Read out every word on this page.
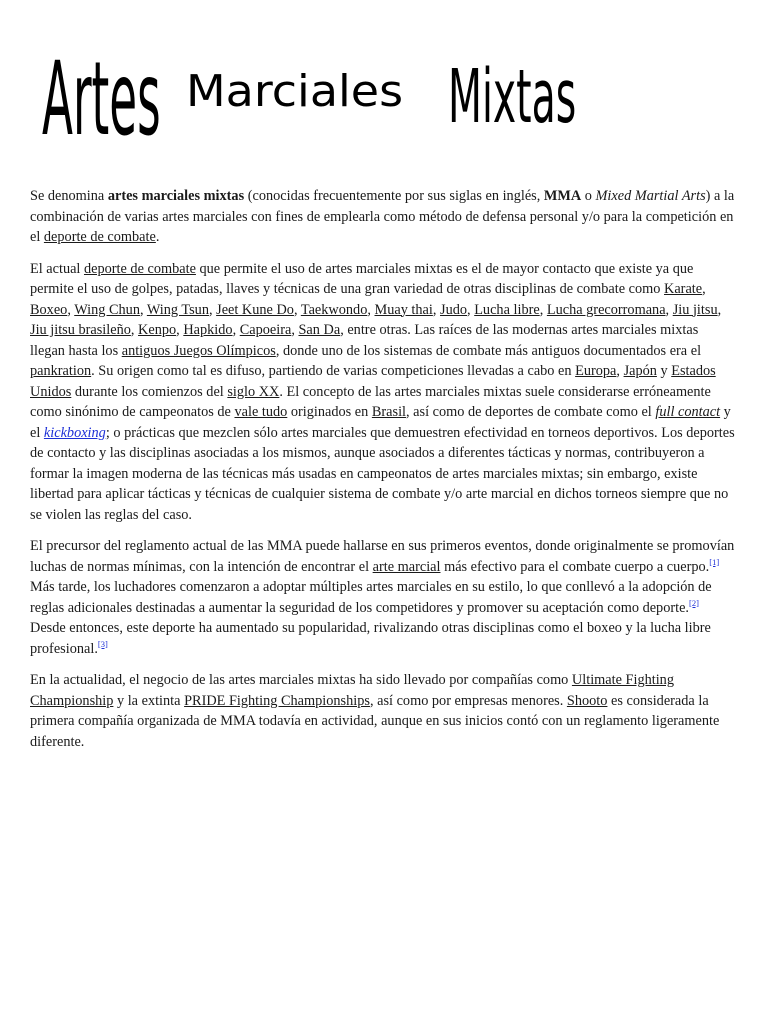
Artes Marciales Mixtas

Se denomina artes marciales mixtas (conocidas frecuentemente por sus siglas en inglés, MMA o Mixed Martial Arts) a la combinación de varias artes marciales con fines de emplearla como método de defensa personal y/o para la competición en el deporte de combate.

El actual deporte de combate que permite el uso de artes marciales mixtas es el de mayor contacto que existe ya que permite el uso de golpes, patadas, llaves y técnicas de una gran variedad de otras disciplinas de combate como Karate, Boxeo, Wing Chun, Wing Tsun, Jeet Kune Do, Taekwondo, Muay thai, Judo, Lucha libre, Lucha grecorromana, Jiu jitsu, Jiu jitsu brasileño, Kenpo, Hapkido, Capoeira, San Da, entre otras. Las raíces de las modernas artes marciales mixtas llegan hasta los antiguos Juegos Olímpicos, donde uno de los sistemas de combate más antiguos documentados era el pankration. Su origen como tal es difuso, partiendo de varias competiciones llevadas a cabo en Europa, Japón y Estados Unidos durante los comienzos del siglo XX. El concepto de las artes marciales mixtas suele considerarse erróneamente como sinónimo de campeonatos de vale tudo originados en Brasil, así como de deportes de combate como el full contact y el kickboxing; o prácticas que mezclen sólo artes marciales que demuestren efectividad en torneos deportivos. Los deportes de contacto y las disciplinas asociadas a los mismos, aunque asociados a diferentes tácticas y normas, contribuyeron a formar la imagen moderna de las técnicas más usadas en campeonatos de artes marciales mixtas; sin embargo, existe libertad para aplicar tácticas y técnicas de cualquier sistema de combate y/o arte marcial en dichos torneos siempre que no se violen las reglas del caso.

El precursor del reglamento actual de las MMA puede hallarse en sus primeros eventos, donde originalmente se promovían luchas de normas mínimas, con la intención de encontrar el arte marcial más efectivo para el combate cuerpo a cuerpo.[1] Más tarde, los luchadores comenzaron a adoptar múltiples artes marciales en su estilo, lo que conllevó a la adopción de reglas adicionales destinadas a aumentar la seguridad de los competidores y promover su aceptación como deporte.[2] Desde entonces, este deporte ha aumentado su popularidad, rivalizando otras disciplinas como el boxeo y la lucha libre profesional.[3]

En la actualidad, el negocio de las artes marciales mixtas ha sido llevado por compañías como Ultimate Fighting Championship y la extinta PRIDE Fighting Championships, así como por empresas menores. Shooto es considerada la primera compañía organizada de MMA todavía en actividad, aunque en sus inicios contó con un reglamento ligeramente diferente.
